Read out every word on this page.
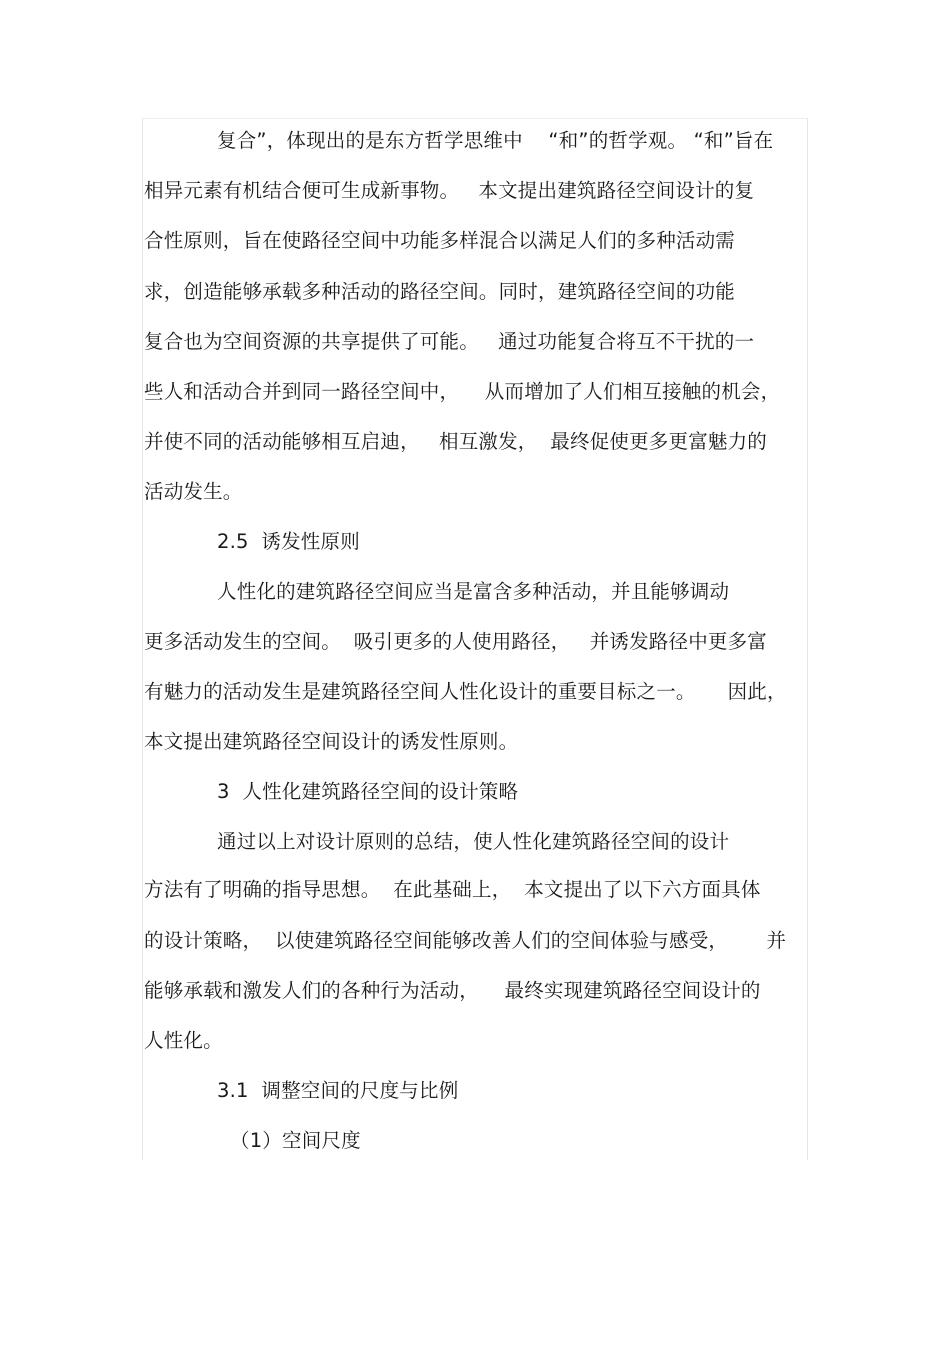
复合”，体现出的是东方哲学思维中    “和”的哲学观。 “和”旨在
相异元素有机结合便可生成新事物。   本文提出建筑路径空间设计的复
合性原则，旨在使路径空间中功能多样混合以满足人们的多种活动需
求，创造能够承载多种活动的路径空间。同时，建筑路径空间的功能
复合也为空间资源的共享提供了可能。   通过功能复合将互不干扰的一
些人和活动合并到同一路径空间中，    从而增加了人们相互接触的机会，
并使不同的活动能够相互启迪，   相互激发，  最终促使更多更富魅力的
活动发生。
2.5  诱发性原则
人性化的建筑路径空间应当是富含多种活动，并且能够调动
更多活动发生的空间。  吸引更多的人使用路径，   并诱发路径中更多富
有魅力的活动发生是建筑路径空间人性化设计的重要目标之一。     因此，
本文提出建筑路径空间设计的诱发性原则。
3  人性化建筑路径空间的设计策略
通过以上对设计原则的总结，使人性化建筑路径空间的设计
方法有了明确的指导思想。  在此基础上，  本文提出了以下六方面具体
的设计策略，  以使建筑路径空间能够改善人们的空间体验与感受，      并
能够承载和激发人们的各种行为活动，    最终实现建筑路径空间设计的
人性化。
3.1  调整空间的尺度与比例
（1）空间尺度
